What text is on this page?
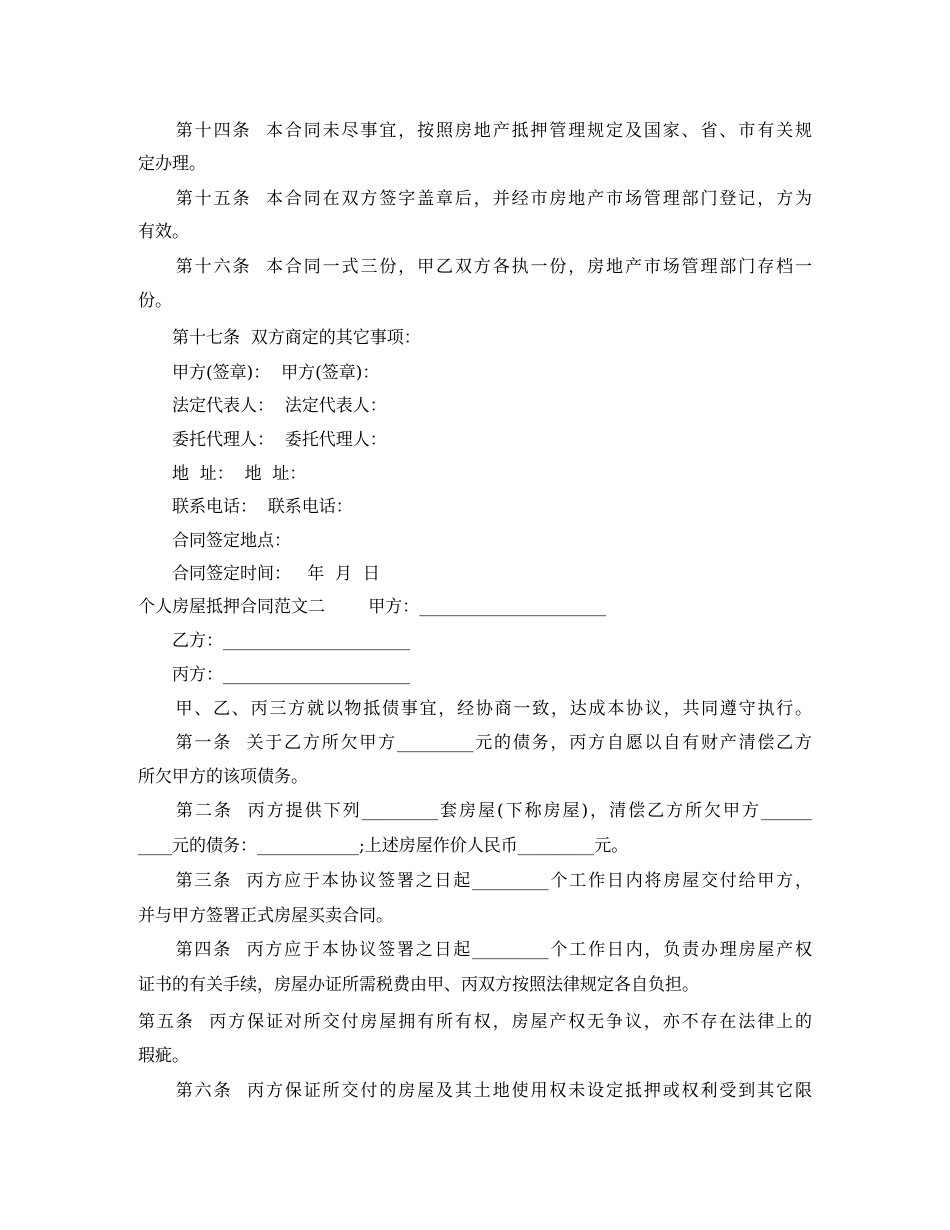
　　第十四条  本合同未尽事宜，按照房地产抵押管理规定及国家、省、市有关规
定办理。
　　第十五条  本合同在双方签字盖章后，并经市房地产市场管理部门登记，方为
有效。
　　第十六条  本合同一式三份，甲乙双方各执一份，房地产市场管理部门存档一
份。
　　第十七条  双方商定的其它事项：
　　甲方(签章)：  甲方(签章)：
　　法定代表人：  法定代表人：
　　委托代理人：  委托代理人：
　　地  址：  地  址：
　　联系电话：  联系电话：
　　合同签定地点：
　　合同签定时间：   年  月  日
个人房屋抵押合同范文二        甲方：______________________
　　乙方：______________________
　　丙方：______________________
　　甲、乙、丙三方就以物抵债事宜，经协商一致，达成本协议，共同遵守执行。
　　第一条  关于乙方所欠甲方_________元的债务，丙方自愿以自有财产清偿乙方
所欠甲方的该项债务。
　　第二条  丙方提供下列_________套房屋(下称房屋)，清偿乙方所欠甲方______
____元的债务：____________;上述房屋作价人民币_________元。
　　第三条  丙方应于本协议签署之日起_________个工作日内将房屋交付给甲方，
并与甲方签署正式房屋买卖合同。
　　第四条  丙方应于本协议签署之日起_________个工作日内，负责办理房屋产权
证书的有关手续，房屋办证所需税费由甲、丙双方按照法律规定各自负担。
第五条  丙方保证对所交付房屋拥有所有权，房屋产权无争议，亦不存在法律上的
瑕疵。
　　第六条  丙方保证所交付的房屋及其土地使用权未设定抵押或权利受到其它限
